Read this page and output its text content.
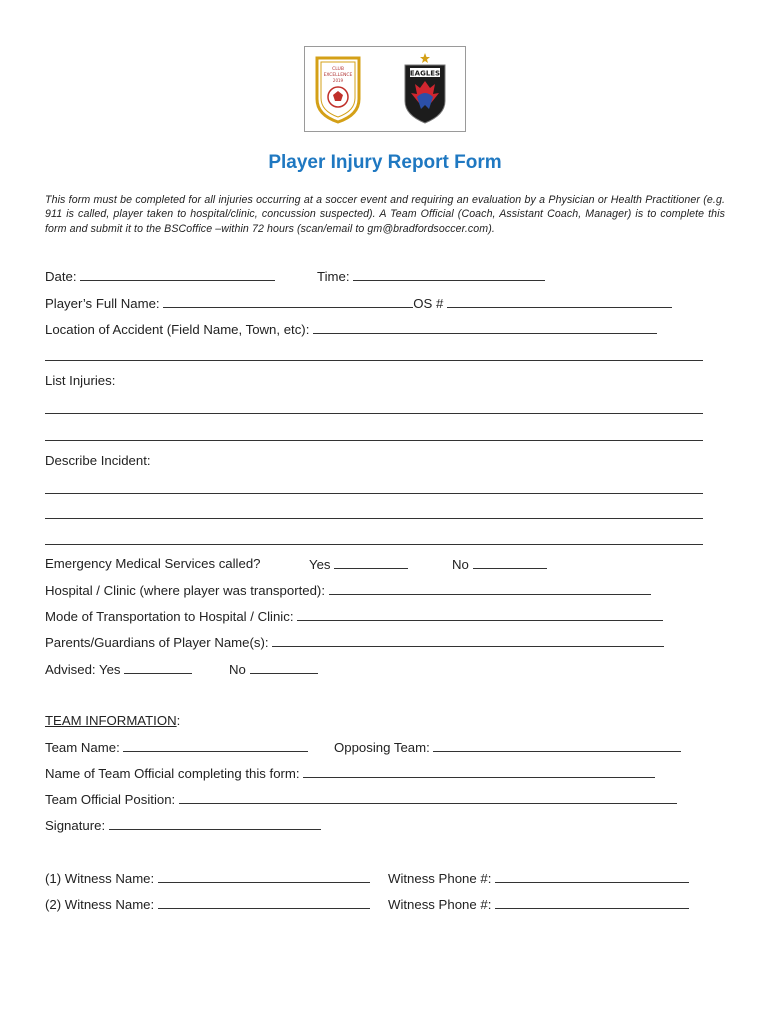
CLUB
EXCELLENCE
2019
EAGLES
Player Injury Report Form
This form must be completed for all injuries occurring at a soccer event and requiring an evaluation by a Physician or Health Practitioner (e.g. 911 is called, player taken to hospital/clinic, concussion suspected). A Team Official (Coach, Assistant Coach, Manager) is to complete this form and submit it to the BSCoffice –within 72 hours (scan/email to gm@bradfordsoccer.com).
Date:	Time:
Player’s Full Name:	OS #
Location of Accident (Field Name, Town, etc):
List Injuries:
Describe Incident:
Emergency Medical Services called?	Yes	No
Hospital / Clinic (where player was transported):
Mode of Transportation to Hospital / Clinic:
Parents/Guardians of Player Name(s):
Advised: Yes	No
TEAM INFORMATION:
Team Name:	Opposing Team:
Name of Team Official completing this form:
Team Official Position:
Signature:
(1) Witness Name:	Witness Phone #:
(2) Witness Name:	Witness Phone #:
